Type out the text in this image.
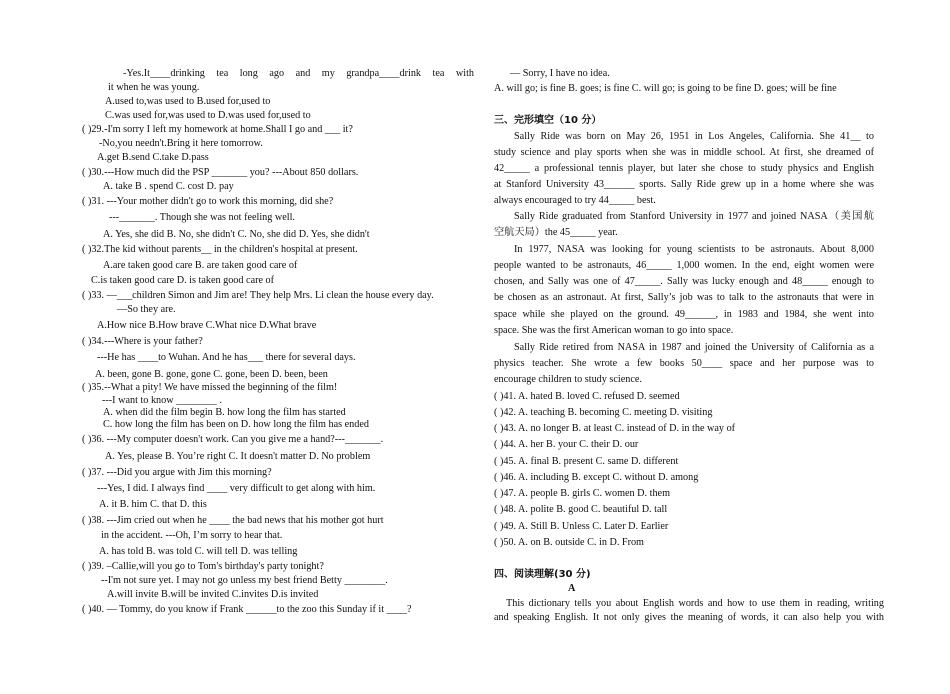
-Yes.It____drinking tea long ago and my grandpa____drink tea with
it when he was young.
A.used to,was used to B.used for,used to
C.was used for,was used to D.was used for,used to
( )29.-I'm sorry I left my homework at home.Shall I go and ___ it?
-No,you needn't.Bring it here tomorrow.
A.get B.send C.take D.pass
( )30.---How much did the PSP _______ you? ---About 850 dollars.
A. take B . spend C. cost D. pay
( )31. ---Your mother didn't go to work this morning, did she?
---_______. Though she was not feeling well.
A. Yes, she did B. No, she didn't C. No, she did D. Yes, she didn't
( )32.The kid without parents__ in the children's hospital at present.
A.are taken good care B. are taken good care of
C.is taken good care D. is taken good care of
( )33. —___children Simon and Jim are! They help Mrs. Li clean the house every day.
—So they are.
A.How nice B.How brave C.What nice D.What brave
( )34.---Where is your father?
---He has ____to Wuhan. And he has___ there for several days.
A. been, gone B. gone, gone C. gone, been D. been, been
( )35.--What a pity! We have missed the beginning of the film!
---I want to know ________ .
A. when did the film begin B. how long the film has started
C. how long the film has been on D. how long the film has ended
( )36. ---My computer doesn't work. Can you give me a hand?---_______.
A. Yes, please B. You’re right C. It doesn't matter D. No problem
( )37. ---Did you argue with Jim this morning?
---Yes, I did. I always find ____ very difficult to get along with him.
A. it B. him C. that D. this
( )38. ---Jim cried out when he ____ the bad news that his mother got hurt
in the accident. ---Oh, I’m sorry to hear that.
A. has told B. was told C. will tell D. was telling
( )39. –Callie,will you go to Tom's birthday's party tonight?
--I'm not sure yet. I may not go unless my best friend Betty ________.
A.will invite B.will be invited C.invites D.is invited
( )40. — Tommy, do you know if Frank ______to the zoo this Sunday if it ____?
— Sorry, I have no idea.
A. will go; is fine B. goes; is fine C. will go; is going to be fine D. goes; will be fine
三、完形填空（10 分）
Sally Ride was born on May 26, 1951 in Los Angeles, California. She 41__ to
study science and play sports when she was in middle school. At first, she dreamed of
42_____ a professional tennis player, but later she chose to study physics and English
at Stanford University 43______ sports. Sally Ride grew up in a home where she was
always encouraged to try 44_____ best.
Sally Ride graduated from Stanford University in 1977 and joined NASA（美国航
空航天局）the 45_____ year.
In 1977, NASA was looking for young scientists to be astronauts. About 8,000
people wanted to be astronauts, 46_____ 1,000 women. In the end, eight women were
chosen, and Sally was one of 47_____. Sally was lucky enough and 48_____ enough to
be chosen as an astronaut. At first, Sally’s job was to talk to the astronauts that were in
space while she played on the ground. 49______, in 1983 and 1984, she went into
space. She was the first American woman to go into space.
Sally Ride retired from NASA in 1987 and joined the University of California as a
physics teacher. She wrote a few books 50____ space and her purpose was to
encourage children to study science.
( )41. A. hated B. loved C. refused D. seemed
( )42. A. teaching B. becoming C. meeting D. visiting
( )43. A. no longer B. at least C. instead of D. in the way of
( )44. A. her B. your C. their D. our
( )45. A. final B. present C. same D. different
( )46. A. including B. except C. without D. among
( )47. A. people B. girls C. women D. them
( )48. A. polite B. good C. beautiful D. tall
( )49. A. Still B. Unless C. Later D. Earlier
( )50. A. on B. outside C. in D. From
四、阅读理解(30 分)
A
This dictionary tells you about English words and how to use them in reading, writing
and speaking English. It not only gives the meaning of words, it can also help you with
